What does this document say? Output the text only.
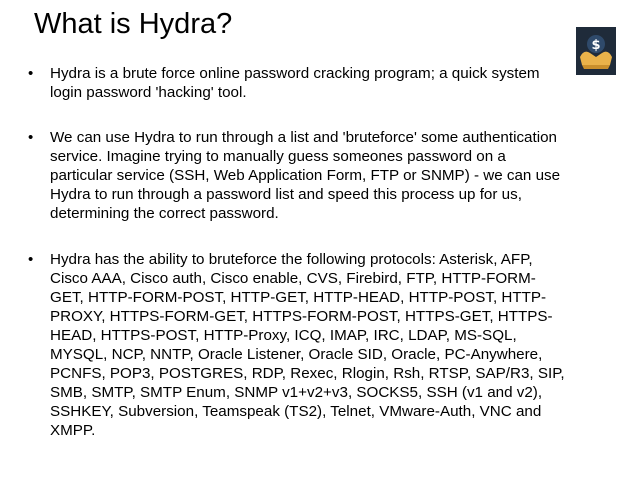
What is Hydra?
$
• Hydra is a brute force online password cracking program; a quick system
login password 'hacking' tool.
• We can use Hydra to run through a list and 'bruteforce' some authentication
service. Imagine trying to manually guess someones password on a
particular service (SSH, Web Application Form, FTP or SNMP) - we can use
Hydra to run through a password list and speed this process up for us,
determining the correct password.
• Hydra has the ability to bruteforce the following protocols: Asterisk, AFP,
Cisco AAA, Cisco auth, Cisco enable, CVS, Firebird, FTP, HTTP-FORM-
GET, HTTP-FORM-POST, HTTP-GET, HTTP-HEAD, HTTP-POST, HTTP-
PROXY, HTTPS-FORM-GET, HTTPS-FORM-POST, HTTPS-GET, HTTPS-
HEAD, HTTPS-POST, HTTP-Proxy, ICQ, IMAP, IRC, LDAP, MS-SQL,
MYSQL, NCP, NNTP, Oracle Listener, Oracle SID, Oracle, PC-Anywhere,
PCNFS, POP3, POSTGRES, RDP, Rexec, Rlogin, Rsh, RTSP, SAP/R3, SIP,
SMB, SMTP, SMTP Enum, SNMP v1+v2+v3, SOCKS5, SSH (v1 and v2),
SSHKEY, Subversion, Teamspeak (TS2), Telnet, VMware-Auth, VNC and
XMPP.
